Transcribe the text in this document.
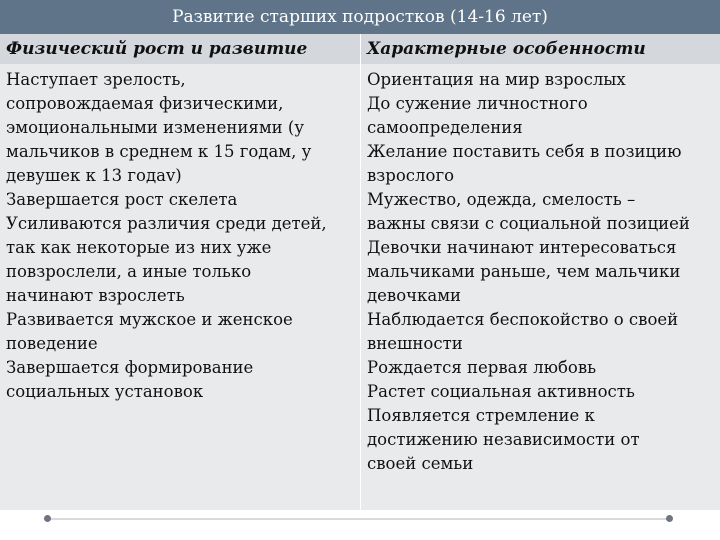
Развитие старших подростков (14-16 лет)
Физический рост и развитие	Характерные особенности
Наступает зрелость,
сопровождаемая физическими,
эмоциональными изменениями (у
мальчиков в среднем к 15 годам, у
девушек к 13 годаv)
Завершается рост скелета
Усиливаются различия среди детей,
так как некоторые из них уже
повзрослели, а иные только
начинают взрослеть
Развивается мужское и женское
поведение
Завершается формирование
социальных установок
Ориентация на мир взрослых
До сужение личностного
самоопределения
Желание поставить себя в позицию
взрослого
Мужество, одежда, смелость –
важны связи с социальной позицией
Девочки начинают интересоваться
мальчиками раньше, чем мальчики
девочками
Наблюдается беспокойство о своей
внешности
Рождается первая любовь
Растет социальная активность
Появляется стремление к
достижению независимости от
своей семьи
